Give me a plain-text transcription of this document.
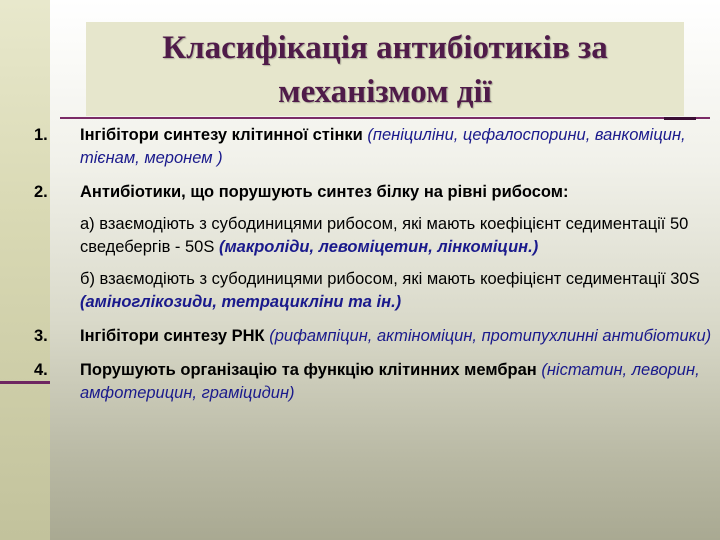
Класифікація антибіотиків за
механізмом дії
1. Інгібітори синтезу клітинної стінки (пеніциліни, цефалоспорини, ванкоміцин, тієнам, меронем )
2. Антибіотики, що порушують синтез білку на рівні рибосом:
а) взаємодіють з субодиницями рибосом, які мають коефіцієнт седиментації 50 сведебергів - 50S (макроліди, левоміцетин, лінкоміцин.)
б) взаємодіють з субодиницями рибосом, які мають коефіцієнт седиментації 30S (аміноглікозиди, тетрацикліни та ін.)
3. Інгібітори синтезу РНК (рифампіцин, актіноміцин, протипухлинні антибіотики)
4. Порушують організацію та функцію клітинних мембран (ністатин, леворин, амфотерицин, граміцидин)
